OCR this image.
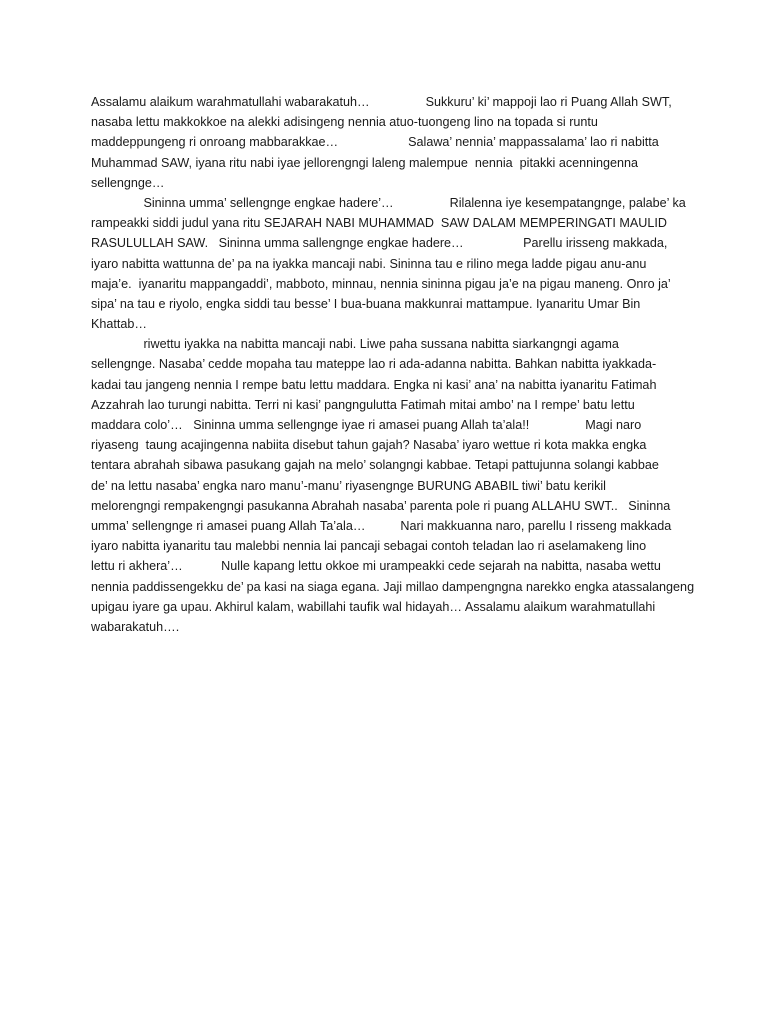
Assalamu alaikum warahmatullahi wabarakatuh…                Sukkuru’ ki’ mappoji lao ri Puang Allah SWT,
nasaba lettu makkokkoe na alekki adisingeng nennia atuo-tuongeng lino na topada si runtu
maddeppungeng ri onroang mabbarakkae…                    Salawa’ nennia’ mappassalama’ lao ri nabitta
Muhammad SAW, iyana ritu nabi iyae jellorengngi laleng malempue  nennia  pitakki acenningenna
sellengnge…
Sininna umma’ sellengnge engkae hadere’…                Rilalenna iye kesempatangnge, palabe’ ka
rampeakki siddi judul yana ritu SEJARAH NABI MUHAMMAD  SAW DALAM MEMPERINGATI MAULID
RASULULLAH SAW.   Sininna umma sallengnge engkae hadere…                 Parellu irisseng makkada,
iyaro nabitta wattunna de’ pa na iyakka mancaji nabi. Sininna tau e rilino mega ladde pigau anu-anu
maja’e.  iyanaritu mappangaddi’, mabboto, minnau, nennia sininna pigau ja’e na pigau maneng. Onro ja’
sipa’ na tau e riyolo, engka siddi tau besse’ I bua-buana makkunrai mattampue. Iyanaritu Umar Bin
Khattab…
riwettu iyakka na nabitta mancaji nabi. Liwe paha sussana nabitta siarkangngi agama
sellengnge. Nasaba’ cedde mopaha tau mateppe lao ri ada-adanna nabitta. Bahkan nabitta iyakkada-
kadai tau jangeng nennia I rempe batu lettu maddara. Engka ni kasi’ ana’ na nabitta iyanaritu Fatimah
Azzahrah lao turungi nabitta. Terri ni kasi’ pangngulutta Fatimah mitai ambo’ na I rempe’ batu lettu
maddara colo’…   Sininna umma sellengnge iyae ri amasei puang Allah ta’ala!!                Magi naro
riyaseng  taung acajingenna nabiita disebut tahun gajah? Nasaba’ iyaro wettue ri kota makka engka
tentara abrahah sibawa pasukang gajah na melo’ solangngi kabbae. Tetapi pattujunna solangi kabbae
de’ na lettu nasaba’ engka naro manu’-manu’ riyasengnge BURUNG ABABIL tiwi’ batu kerikil
melorengngi rempakengngi pasukanna Abrahah nasaba’ parenta pole ri puang ALLAHU SWT..   Sininna
umma’ sellengnge ri amasei puang Allah Ta’ala…          Nari makkuanna naro, parellu I risseng makkada
iyaro nabitta iyanaritu tau malebbi nennia lai pancaji sebagai contoh teladan lao ri aselamakeng lino
lettu ri akhera’…           Nulle kapang lettu okkoe mi urampeakki cede sejarah na nabitta, nasaba wettu
nennia paddissengekku de’ pa kasi na siaga egana. Jaji millao dampengngna narekko engka atassalangeng
upigau iyare ga upau. Akhirul kalam, wabillahi taufik wal hidayah… Assalamu alaikum warahmatullahi
wabarakatuh….
